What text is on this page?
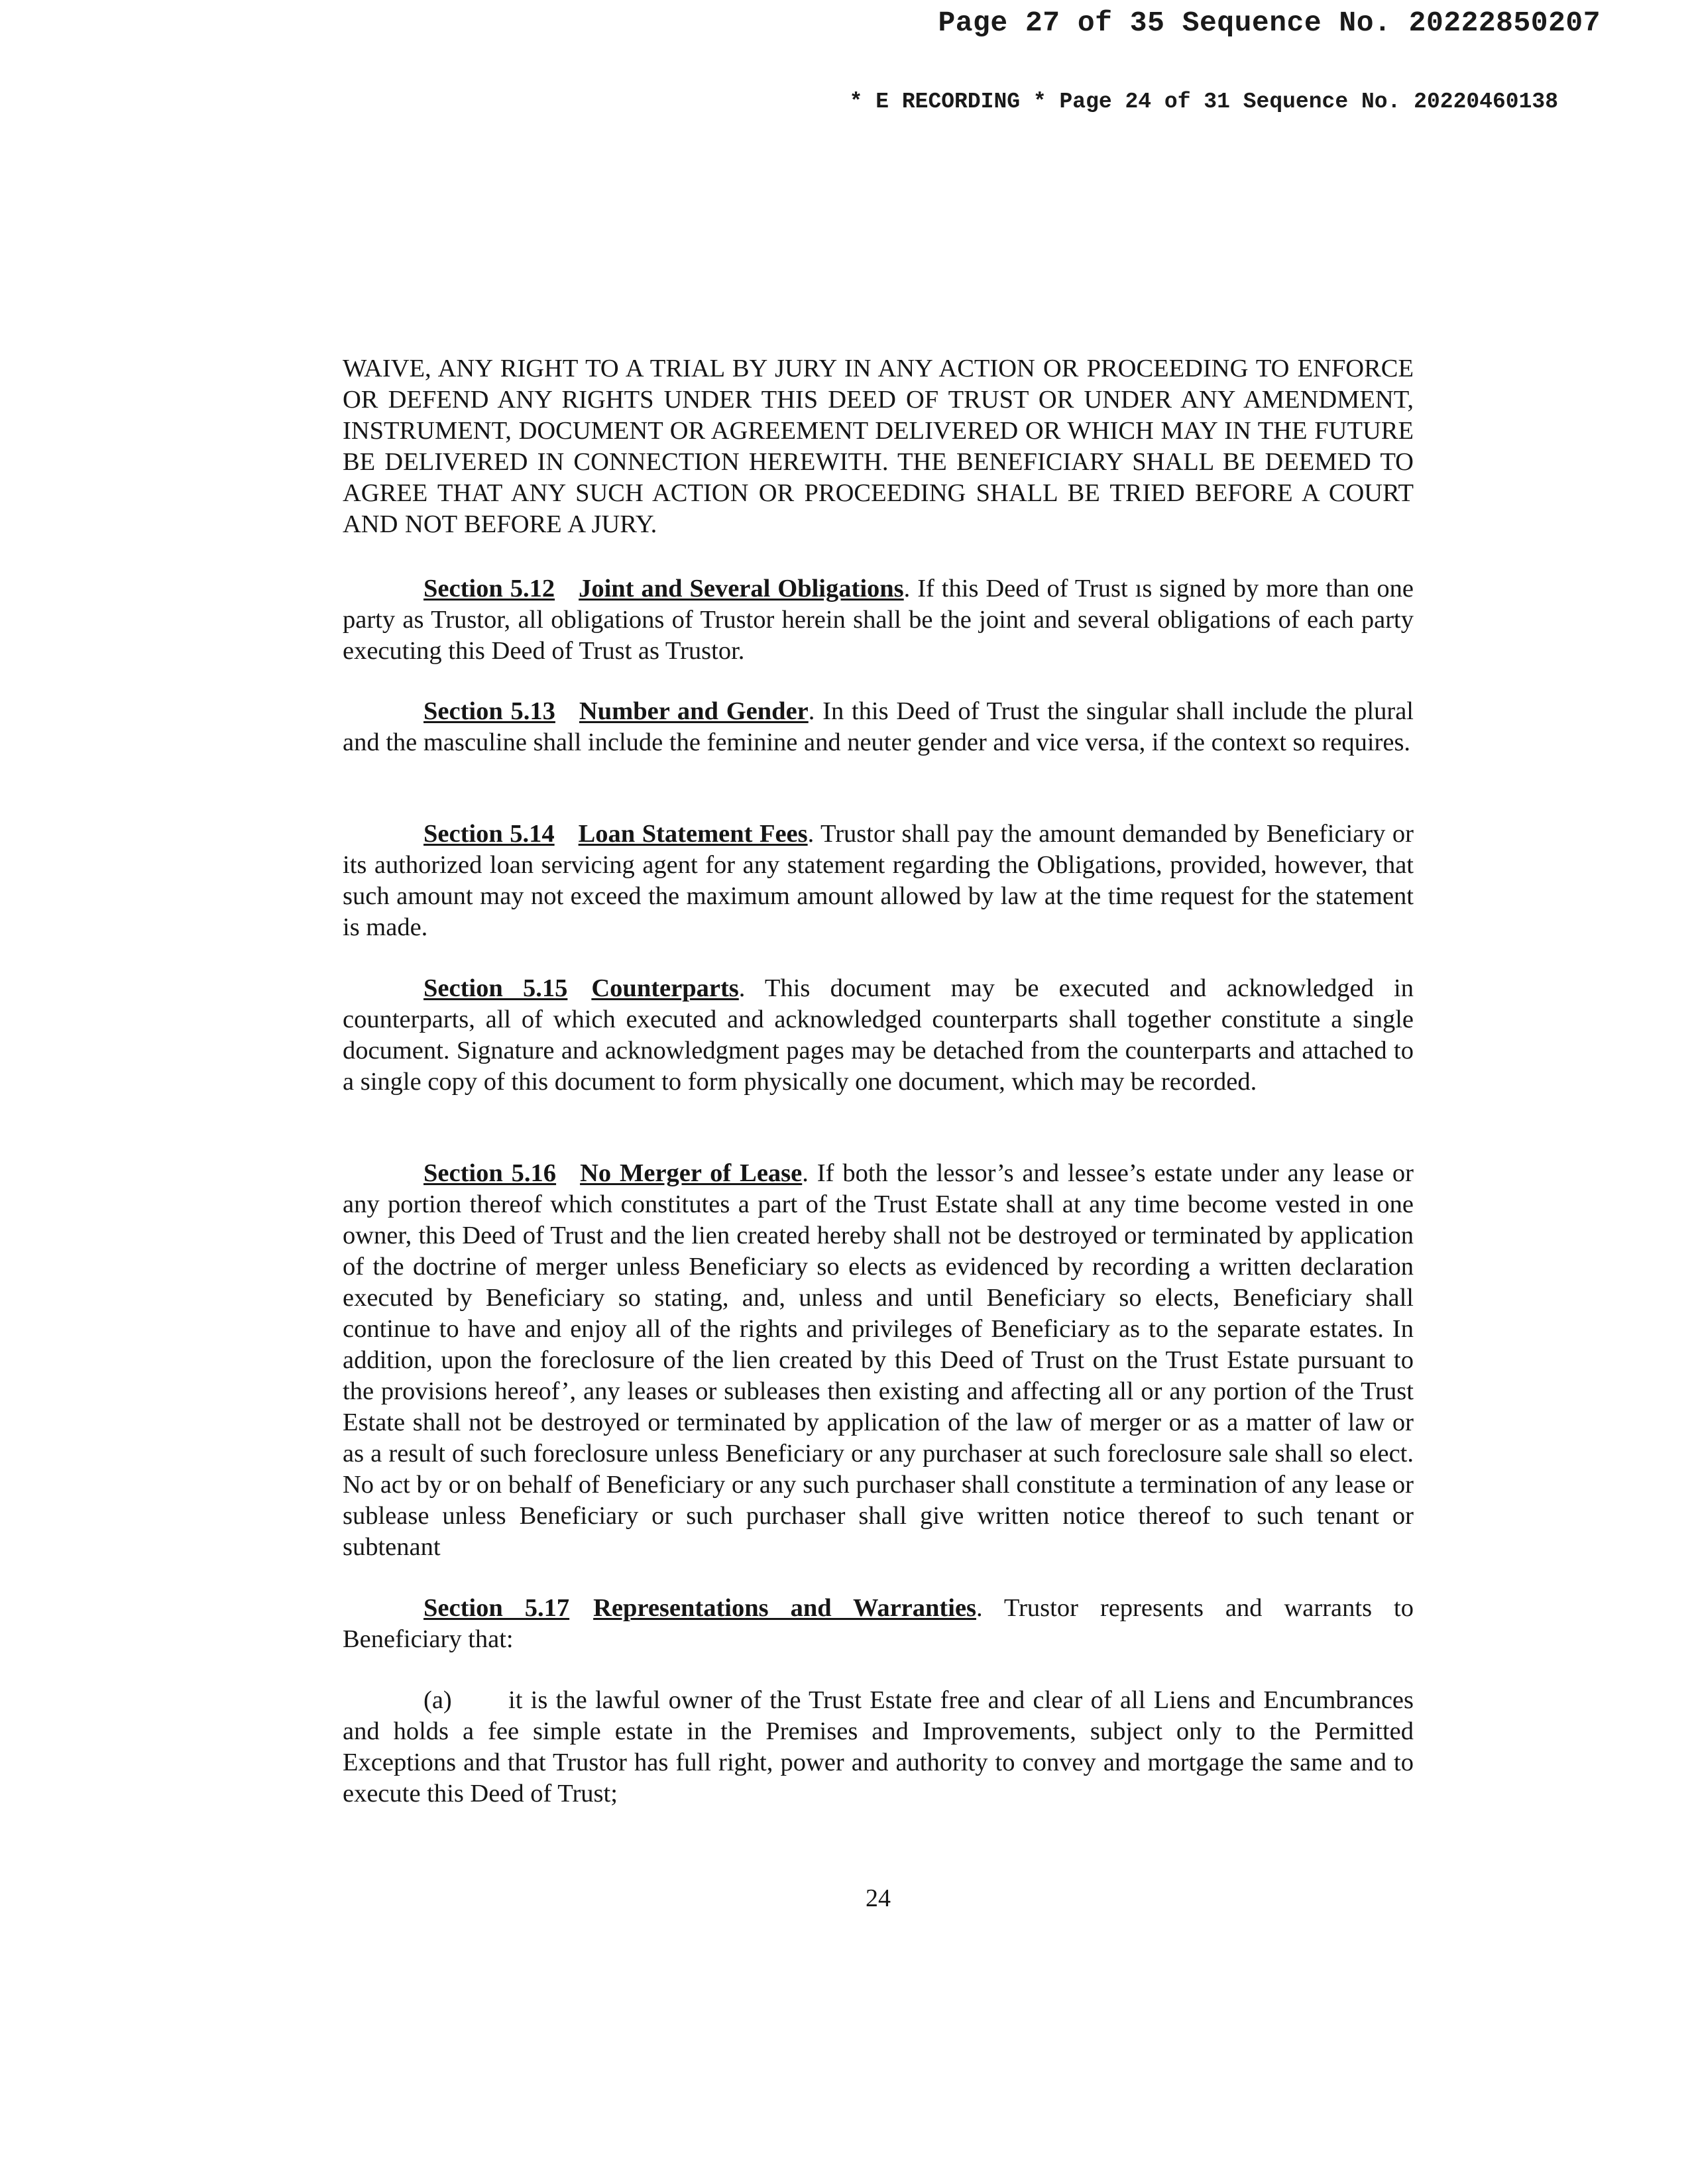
Page 27 of 35 Sequence No. 20222850207
* E RECORDING * Page 24 of 31 Sequence No. 20220460138

WAIVE, ANY RIGHT TO A TRIAL BY JURY IN ANY ACTION OR PROCEEDING TO ENFORCE OR DEFEND ANY RIGHTS UNDER THIS DEED OF TRUST OR UNDER ANY AMENDMENT, INSTRUMENT, DOCUMENT OR AGREEMENT DELIVERED OR WHICH MAY IN THE FUTURE BE DELIVERED IN CONNECTION HEREWITH. THE BENEFICIARY SHALL BE DEEMED TO AGREE THAT ANY SUCH ACTION OR PROCEEDING SHALL BE TRIED BEFORE A COURT AND NOT BEFORE A JURY.

Section 5.12 Joint and Several Obligations. If this Deed of Trust ıs signed by more than one party as Trustor, all obligations of Trustor herein shall be the joint and several obligations of each party executing this Deed of Trust as Trustor.

Section 5.13 Number and Gender. In this Deed of Trust the singular shall include the plural and the masculine shall include the feminine and neuter gender and vice versa, if the context so requires.

Section 5.14 Loan Statement Fees. Trustor shall pay the amount demanded by Beneficiary or its authorized loan servicing agent for any statement regarding the Obligations, provided, however, that such amount may not exceed the maximum amount allowed by law at the time request for the statement is made.

Section 5.15 Counterparts. This document may be executed and acknowledged in counterparts, all of which executed and acknowledged counterparts shall together constitute a single document. Signature and acknowledgment pages may be detached from the counterparts and attached to a single copy of this document to form physically one document, which may be recorded.

Section 5.16 No Merger of Lease. If both the lessor’s and lessee’s estate under any lease or any portion thereof which constitutes a part of the Trust Estate shall at any time become vested in one owner, this Deed of Trust and the lien created hereby shall not be destroyed or terminated by application of the doctrine of merger unless Beneficiary so elects as evidenced by recording a written declaration executed by Beneficiary so stating, and, unless and until Beneficiary so elects, Beneficiary shall continue to have and enjoy all of the rights and privileges of Beneficiary as to the separate estates. In addition, upon the foreclosure of the lien created by this Deed of Trust on the Trust Estate pursuant to the provisions hereof’, any leases or subleases then existing and affecting all or any portion of the Trust Estate shall not be destroyed or terminated by application of the law of merger or as a matter of law or as a result of such foreclosure unless Beneficiary or any purchaser at such foreclosure sale shall so elect. No act by or on behalf of Beneficiary or any such purchaser shall constitute a termination of any lease or sublease unless Beneficiary or such purchaser shall give written notice thereof to such tenant or subtenant

Section 5.17 Representations and Warranties. Trustor represents and warrants to Beneficiary that:

(a) it is the lawful owner of the Trust Estate free and clear of all Liens and Encumbrances and holds a fee simple estate in the Premises and Improvements, subject only to the Permitted Exceptions and that Trustor has full right, power and authority to convey and mortgage the same and to execute this Deed of Trust;

24
